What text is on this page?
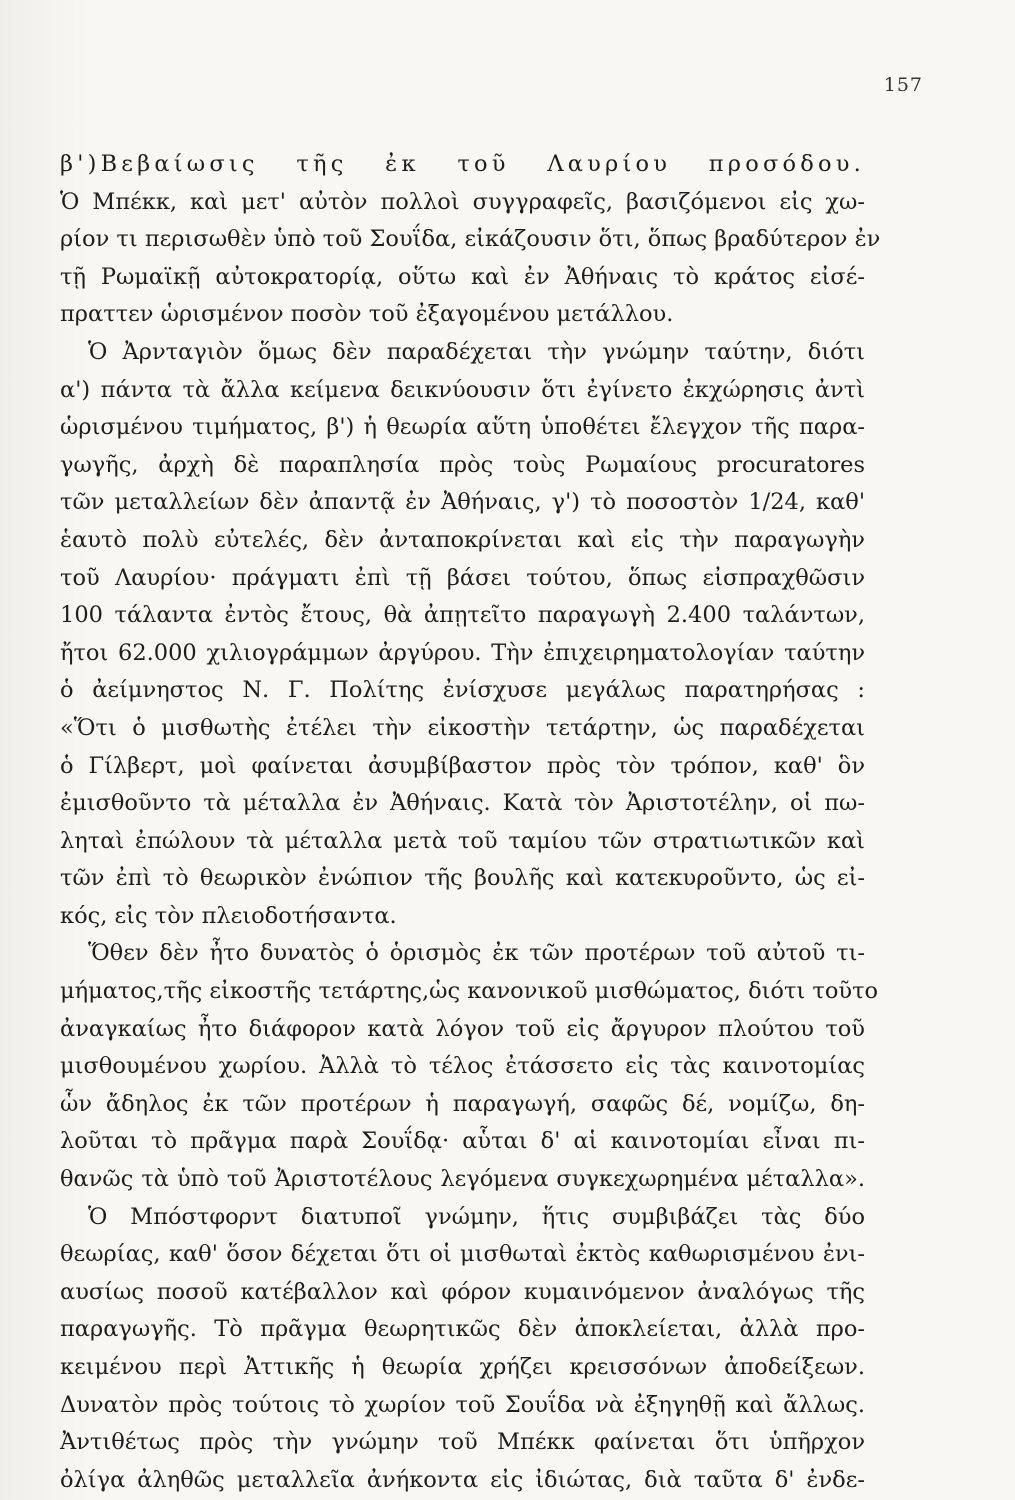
157
β')Βεβαίωσις τῆς ἐκ τοῦ Λαυρίου προσόδου.
Ὁ Μπέκκ, καὶ μετ' αὐτὸν πολλοὶ συγγραφεῖς, βασιζόμενοι εἰς χω-
ρίον τι περισωθὲν ὑπὸ τοῦ Σουΐδα, εἰκάζουσιν ὅτι, ὅπως βραδύτερον ἐν
τῇ Ρωμαϊκῇ αὐτοκρατορίᾳ, οὕτω καὶ ἐν Ἀθήναις τὸ κράτος εἰσέ-
πραττεν ὡρισμένον ποσὸν τοῦ ἐξαγομένου μετάλλου.
Ὁ Ἀρνταγιὸν ὅμως δὲν παραδέχεται τὴν γνώμην ταύτην, διότι
α') πάντα τὰ ἄλλα κείμενα δεικνύουσιν ὅτι ἐγίνετο ἐκχώρησις ἀντὶ
ὡρισμένου τιμήματος, β') ἡ θεωρία αὕτη ὑποθέτει ἔλεγχον τῆς παρα-
γωγῆς, ἀρχὴ δὲ παραπλησία πρὸς τοὺς Ρωμαίους procuratores
τῶν μεταλλείων δὲν ἀπαντᾷ ἐν Ἀθήναις, γ') τὸ ποσοστὸν 1/24, καθ'
ἑαυτὸ πολὺ εὐτελές, δὲν ἀνταποκρίνεται καὶ εἰς τὴν παραγωγὴν
τοῦ Λαυρίου· πράγματι ἐπὶ τῇ βάσει τούτου, ὅπως εἰσπραχθῶσιν
100 τάλαντα ἐντὸς ἔτους, θὰ ἀπῃτεῖτο παραγωγὴ 2.400 ταλάντων,
ἤτοι 62.000 χιλιογράμμων ἀργύρου. Τὴν ἐπιχειρηματολογίαν ταύτην
ὁ ἀείμνηστος Ν. Γ. Πολίτης ἐνίσχυσε μεγάλως παρατηρήσας :
«Ὅτι ὁ μισθωτὴς ἐτέλει τὴν εἰκοστὴν τετάρτην, ὡς παραδέχεται
ὁ Γίλβερτ, μοὶ φαίνεται ἀσυμβίβαστον πρὸς τὸν τρόπον, καθ' ὃν
ἐμισθοῦντο τὰ μέταλλα ἐν Ἀθήναις. Κατὰ τὸν Ἀριστοτέλην, οἱ πω-
ληταὶ ἐπώλουν τὰ μέταλλα μετὰ τοῦ ταμίου τῶν στρατιωτικῶν καὶ
τῶν ἐπὶ τὸ θεωρικὸν ἐνώπιον τῆς βουλῆς καὶ κατεκυροῦντο, ὡς εἰ-
κός, εἰς τὸν πλειοδοτήσαντα.
Ὅθεν δὲν ἦτο δυνατὸς ὁ ὁρισμὸς ἐκ τῶν προτέρων τοῦ αὐτοῦ τι-
μήματος,τῆς εἰκοστῆς τετάρτης,ὡς κανονικοῦ μισθώματος, διότι τοῦτο
ἀναγκαίως ἦτο διάφορον κατὰ λόγον τοῦ εἰς ἄργυρον πλούτου τοῦ
μισθουμένου χωρίου. Ἀλλὰ τὸ τέλος ἐτάσσετο εἰς τὰς καινοτομίας
ὧν ἄδηλος ἐκ τῶν προτέρων ἡ παραγωγή, σαφῶς δέ, νομίζω, δη-
λοῦται τὸ πρᾶγμα παρὰ Σουΐδᾳ· αὗται δ' αἱ καινοτομίαι εἶναι πι-
θανῶς τὰ ὑπὸ τοῦ Ἀριστοτέλους λεγόμενα συγκεχωρημένα μέταλλα».
Ὁ Μπόστφορντ διατυποῖ γνώμην, ἥτις συμβιβάζει τὰς δύο
θεωρίας, καθ' ὅσον δέχεται ὅτι οἱ μισθωταὶ ἐκτὸς καθωρισμένου ἐνι-
αυσίως ποσοῦ κατέβαλλον καὶ φόρον κυμαινόμενον ἀναλόγως τῆς
παραγωγῆς. Τὸ πρᾶγμα θεωρητικῶς δὲν ἀποκλείεται, ἀλλὰ προ-
κειμένου περὶ Ἀττικῆς ἡ θεωρία χρήζει κρεισσόνων ἀποδείξεων.
Δυνατὸν πρὸς τούτοις τὸ χωρίον τοῦ Σουΐδα νὰ ἐξηγηθῇ καὶ ἄλλως.
Ἀντιθέτως πρὸς τὴν γνώμην τοῦ Μπέκκ φαίνεται ὅτι ὑπῆρχον
ὀλίγα ἀληθῶς μεταλλεῖα ἀνήκοντα εἰς ἰδιώτας, διὰ ταῦτα δ' ἐνδε-
